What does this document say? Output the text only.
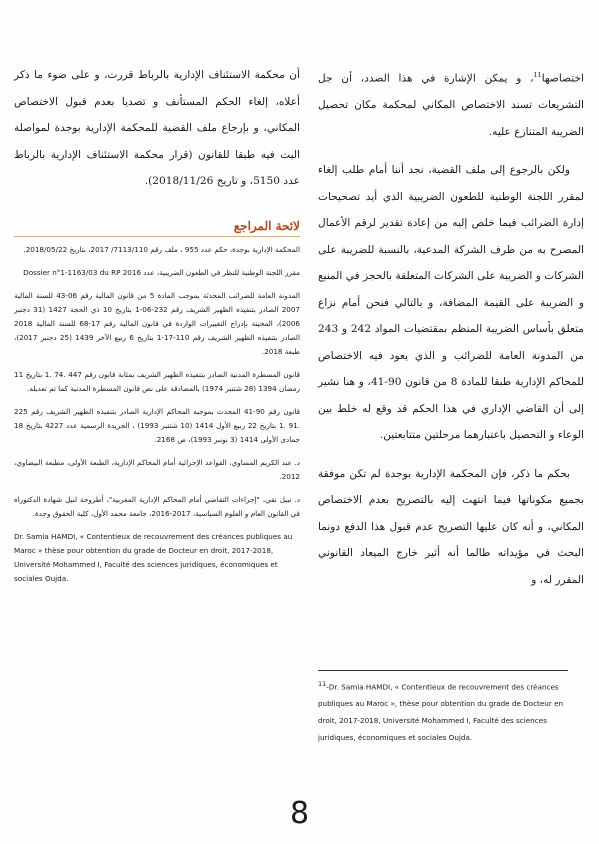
اختصاصها$^{11}$، و يمكن الإشارة في هذا الصدد، أن جل التشريعات تسند الاختصاص المكاني لمحكمة مكان تحصيل الضريبة المتنازع عليه.

ولكن بالرجوع إلى ملف القضية، نجد أننا أمام طلب إلغاء لمقرر اللجنة الوطنية للطعون الضريبية الذي أيد تصحيحات إدارة الضرائب فيما خلص إليه من إعادة تقدير لرقم الأعمال المصرح به من طرف الشركة المدعية، بالنسبة للضريبة على الشركات و الضريبة على الشركات المتعلقة بالحجز في المنبع و الضريبة على القيمة المضافة، و بالتالي فنحن أمام نزاع متعلق بأساس الضريبة المنظم بمقتضيات المواد 242 و 243 من المدونة العامة للضرائب و الذي يعود فيه الاختصاص للمحاكم الإدارية طبقا للمادة 8 من قانون 90-41، و هنا نشير إلى أن القاضي الإداري في هذا الحكم قد وقع له خلط بين الوعاء و التحصيل باعتبارهما مرحلتين متتابعتين.

بحكم ما ذكر، فإن المحكمة الإدارية بوجدة لم تكن موفقة بجميع مكوناتها فيما انتهت إليه بالتصريح بعدم الاختصاص المكاني، و أنه كان عليها التصريح عدم قبول هذا الدفع دونما البحث في مؤيداته طالما أنه أثير خارج الميعاد القانوني المقرر له، و

أن محكمة الاستئناف الإدارية بالرباط قررت، و على ضوء ما ذكر أعلاه، إلغاء الحكم المستأنف و تصديا بعدم قبول الاختصاص المكاني، و بإرجاع ملف القضية للمحكمة الإدارية بوجدة لمواصلة البت فيه طبقا للقانون (قرار محكمة الاستئناف الإدارية بالرباط عدد 5150، و تاريخ 2018/11/26).

لائحة المراجع

المحكمة الإدارية بوجدة، حكم عدد 955 ، ملف رقم 7113/110/ 2017، بتاريخ 2018/05/22.

مقرر اللجنة الوطنية للنظر في الطعون الضريبية، عدد 2016 Dossier n°1-1163/03 du RP

المدونة العامة للضرائب المحدثة بموجب المادة 5 من قانون المالية رقم 06-43 للسنة المالية 2007 الصادر بتنفيذه الظهير الشريف رقم 232-06-1 بتاريخ 10 ذي الحجة 1427 (31 دجنبر 2006)، المحينة بإدراج التغييرات الواردة في قانون المالية رقم 17-68 للسنة المالية 2018 الصادر بتنفيذه الظهير الشريف رقم 110-17-1 بتاريخ 6 ربيع الآخر 1439 (25 دجنبر 2017)، طبعة 2018.

قانون المسطرة المدنية الصادر بتنفيذه الظهير الشريف بمثابة قانون رقم 447 .74 .1 بتاريخ 11 رمضان 1394 (28 شتنبر 1974) بالمصادقة على نص قانون المسطرة المدنية كما تم تعديله.

قانون رقم 90-41 المحدث بموجبه المحاكم الإدارية الصادر بتنفيذه الظهير الشريف رقم 225 .91 .1 بتاريخ 22 ربيع الأول 1414 (10 شتنبر 1993) ، الجريدة الرسمية عدد 4227 بتاريخ 18 جمادى الأولى 1414 (3 نونبر 1993)، ص 2168.

د. عبد الكريم المساوي، القواعد الإجرائية أمام المحاكم الإدارية، الطبعة الأولى، مطبعة البيضاوي، 2012.

د. نبيل نقي، "إجراءات التقاضي أمام المحاكم الإدارية المغربية"، أطروحة لنيل شهادة الدكتوراه في القانون العام و العلوم السياسية، 2017-2016، جامعة محمد الأول، كلية الحقوق وجدة.

Dr. Samia HAMDI, « Contentieux de recouvrement des créances publiques au Maroc » thèse pour obtention du grade de Docteur en droit, 2017-2018, Université Mohammed I, Faculté des sciences juridiques, économiques et sociales Oujda.

$^{11}$-Dr. Samia HAMDI, « Contentieux de recouvrement des créances publiques au Maroc », thèse pour obtention du grade de Docteur en droit, 2017-2018, Université Mohammed I, Faculté des sciences juridiques, économiques et sociales Oujda.

8
